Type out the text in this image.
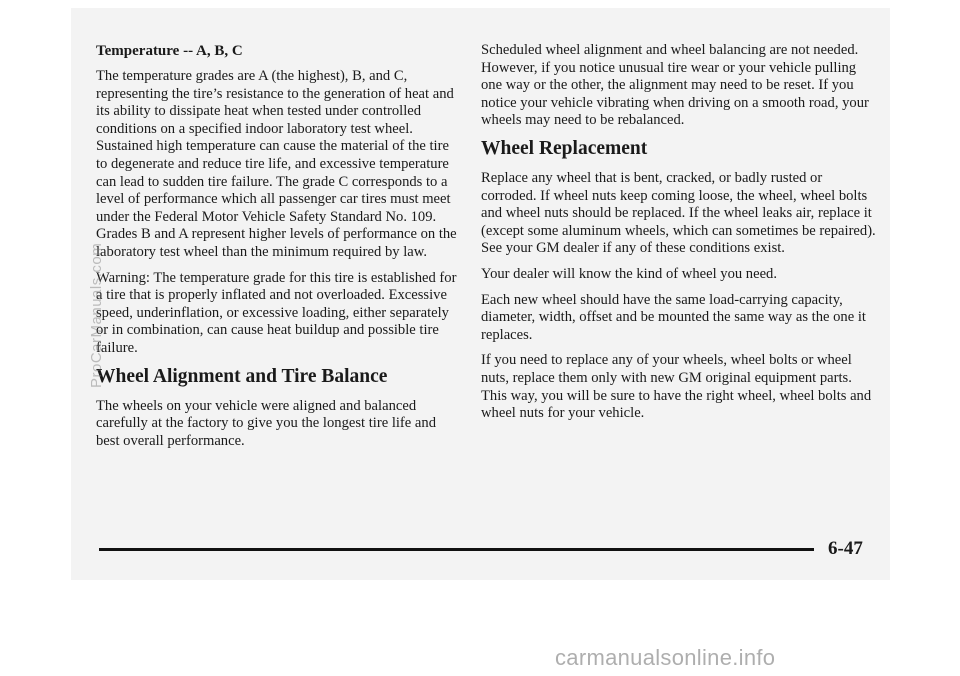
Temperature -- A, B, C

The temperature grades are A (the highest), B, and C, representing the tire’s resistance to the generation of heat and its ability to dissipate heat when tested under controlled conditions on a specified indoor laboratory test wheel. Sustained high temperature can cause the material of the tire to degenerate and reduce tire life, and excessive temperature can lead to sudden tire failure. The grade C corresponds to a level of performance which all passenger car tires must meet under the Federal Motor Vehicle Safety Standard No. 109. Grades B and A represent higher levels of performance on the laboratory test wheel than the minimum required by law.

Warning: The temperature grade for this tire is established for a tire that is properly inflated and not overloaded. Excessive speed, underinflation, or excessive loading, either separately or in combination, can cause heat buildup and possible tire failure.

Wheel Alignment and Tire Balance

The wheels on your vehicle were aligned and balanced carefully at the factory to give you the longest tire life and best overall performance.

Scheduled wheel alignment and wheel balancing are not needed. However, if you notice unusual tire wear or your vehicle pulling one way or the other, the alignment may need to be reset. If you notice your vehicle vibrating when driving on a smooth road, your wheels may need to be rebalanced.

Wheel Replacement

Replace any wheel that is bent, cracked, or badly rusted or corroded. If wheel nuts keep coming loose, the wheel, wheel bolts and wheel nuts should be replaced. If the wheel leaks air, replace it (except some aluminum wheels, which can sometimes be repaired). See your GM dealer if any of these conditions exist.

Your dealer will know the kind of wheel you need.

Each new wheel should have the same load-carrying capacity, diameter, width, offset and be mounted the same way as the one it replaces.

If you need to replace any of your wheels, wheel bolts or wheel nuts, replace them only with new GM original equipment parts. This way, you will be sure to have the right wheel, wheel bolts and wheel nuts for your vehicle.

6-47
ProCarManuals.com
carmanualsonline.info
